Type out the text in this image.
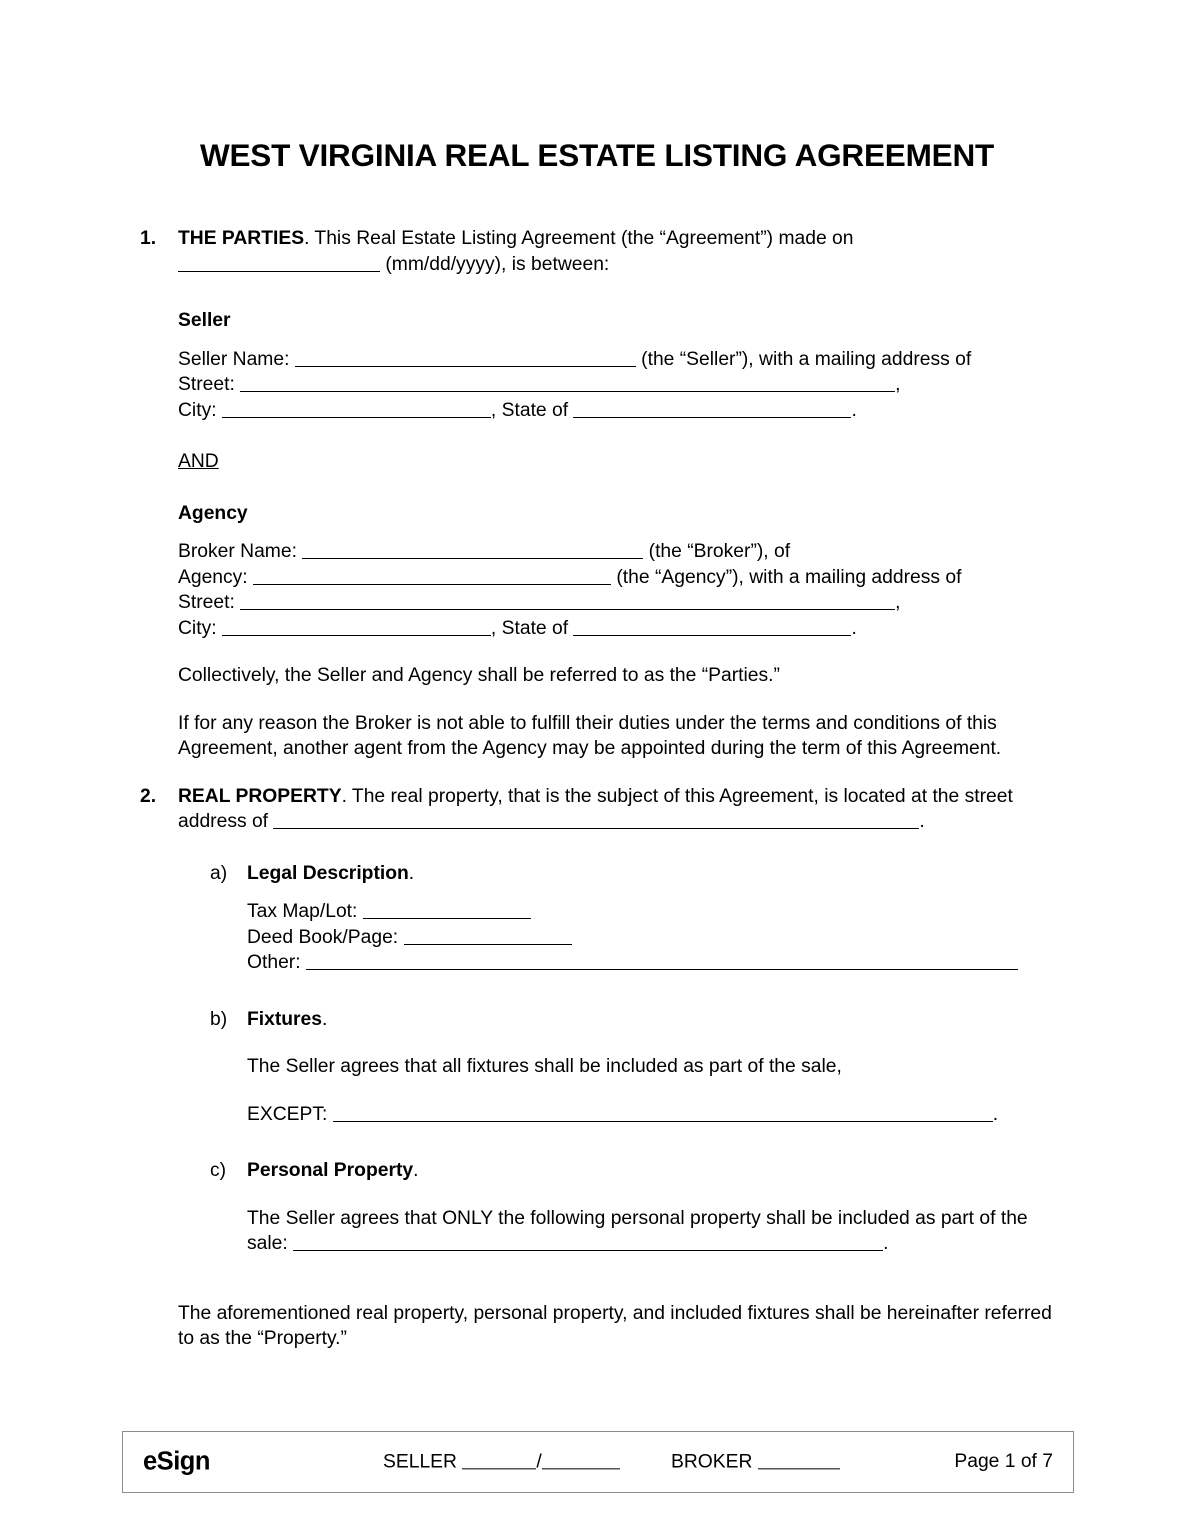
WEST VIRGINIA REAL ESTATE LISTING AGREEMENT
1.	THE PARTIES. This Real Estate Listing Agreement (the “Agreement”) made on
(mm/dd/yyyy), is between:
Seller
Seller Name:	(the “Seller”), with a mailing address of
Street:	,
City:	, State of	.
AND
Agency
Broker Name:	(the “Broker”), of
Agency:	(the “Agency”), with a mailing address of
Street:	,
City:	, State of	.
Collectively, the Seller and Agency shall be referred to as the “Parties.”
If for any reason the Broker is not able to fulfill their duties under the terms and conditions of this Agreement, another agent from the Agency may be appointed during the term of this Agreement.
2.	REAL PROPERTY. The real property, that is the subject of this Agreement, is located at the street address of	.
a)	Legal Description.
Tax Map/Lot:
Deed Book/Page:
Other:
b)	Fixtures.
The Seller agrees that all fixtures shall be included as part of the sale,
EXCEPT:	.
c)	Personal Property.
The Seller agrees that ONLY the following personal property shall be included as part of the sale:	.
The aforementioned real property, personal property, and included fixtures shall be hereinafter referred to as the “Property.”
eSign	SELLER	/	BROKER	Page 1 of 7
